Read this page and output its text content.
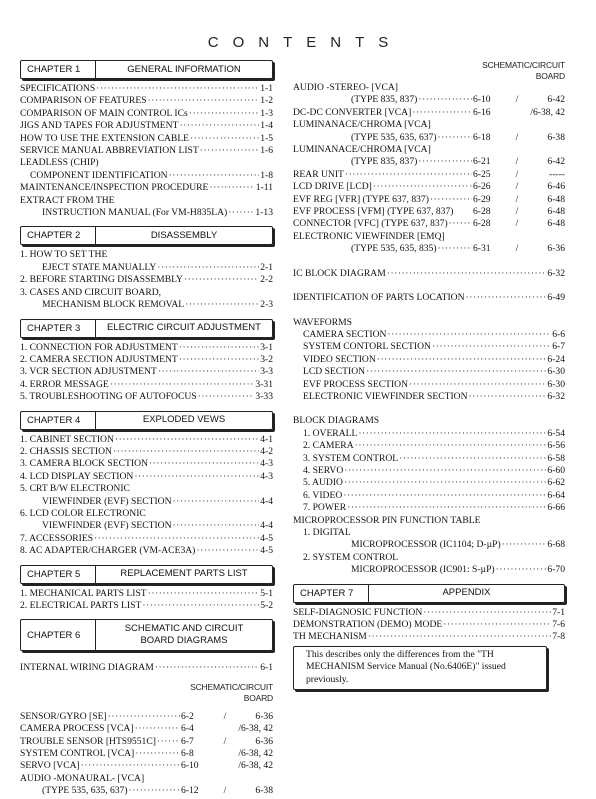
CONTENTS
CHAPTER 1	GENERAL INFORMATION
SPECIFICATIONS ·····	1-1
COMPARISON OF FEATURES ·····	1-2
COMPARISON OF MAIN CONTROL ICs ·····	1-3
JIGS AND TAPES FOR ADJUSTMENT ·····	1-4
HOW TO USE THE EXTENSION CABLE ·····	1-5
SERVICE MANUAL ABBREVIATION LIST ·····	1-6
LEADLESS (CHIP)
COMPONENT IDENTIFICATION ·····	1-8
MAINTENANCE/INSPECTION PROCEDURE ·····	1-11
EXTRACT FROM THE
INSTRUCTION MANUAL (For VM-H835LA) ·····	1-13
CHAPTER 2	DISASSEMBLY
1. HOW TO SET THE
EJECT STATE MANUALLY ·····	2-1
2. BEFORE STARTING DISASSEMBLY ·····	2-2
3. CASES AND CIRCUIT BOARD,
MECHANISM BLOCK REMOVAL ·····	2-3
CHAPTER 3	ELECTRIC CIRCUIT ADJUSTMENT
1. CONNECTION FOR ADJUSTMENT ·····	3-1
2. CAMERA SECTION ADJUSTMENT ·····	3-2
3. VCR SECTION ADJUSTMENT ·····	3-3
4. ERROR MESSAGE ·····	3-31
5. TROUBLESHOOTING OF AUTOFOCUS ·····	3-33
CHAPTER 4	EXPLODED VEWS
1. CABINET SECTION ·····	4-1
2. CHASSIS SECTION ·····	4-2
3. CAMERA BLOCK SECTION ·····	4-3
4. LCD DISPLAY SECTION ·····	4-3
5. CRT B/W ELECTRONIC
VIEWFINDER (EVF) SECTION ·····	4-4
6. LCD COLOR ELECTRONIC
VIEWFINDER (EVF) SECTION ·····	4-4
7. ACCESSORIES ·····	4-5
8. AC ADAPTER/CHARGER (VM-ACE3A) ·····	4-5
CHAPTER 5	REPLACEMENT PARTS LIST
1. MECHANICAL PARTS LIST ·····	5-1
2. ELECTRICAL PARTS LIST ·····	5-2
CHAPTER 6
SCHEMATIC AND CIRCUIT
BOARD DIAGRAMS
INTERNAL WIRING DIAGRAM ·····	6-1
SCHEMATIC/CIRCUIT
BOARD
SENSOR/GYRO [SE] ·····	6-2	/	6-36
CAMERA PROCESS [VCA] ·····	6-4	/6-38, 42
TROUBLE SENSOR [HTS9551C] ·····	6-7	/	6-36
SYSTEM CONTROL [VCA] ·····	6-8	/6-38, 42
SERVO [VCA] ·····	6-10	/6-38, 42
AUDIO -MONAURAL- [VCA]
(TYPE 535, 635, 637) ·····	6-12	/	6-38
SCHEMATIC/CIRCUIT
BOARD
AUDIO -STEREO- [VCA]
(TYPE 835, 837) ·····	6-10	/	6-42
DC-DC CONVERTER [VCA] ·····	6-16	/6-38, 42
LUMINANACE/CHROMA [VCA]
(TYPE 535, 635, 637) ·····	6-18	/	6-38
LUMINANACE/CHROMA [VCA]
(TYPE 835, 837) ·····	6-21	/	6-42
REAR UNIT ·····	6-25	/	-----
LCD DRIVE [LCD] ·····	6-26	/	6-46
EVF REG [VFR] (TYPE 637, 837) ·····	6-29	/	6-48
EVF PROCESS [VFM] (TYPE 637, 837) 6-28	/	6-48
CONNECTOR [VFC] (TYPE 637, 837) ·····	6-28	/	6-48
ELECTRONIC VIEWFINDER [EMQ]
(TYPE 535, 635, 835) ·····	6-31	/	6-36
IC BLOCK DIAGRAM ·····	6-32
IDENTIFICATION OF PARTS LOCATION ·····	6-49
WAVEFORMS
CAMERA SECTION ·····	6-6
SYSTEM CONTORL SECTION ·····	6-7
VIDEO SECTION ·····	6-24
LCD SECTION ·····	6-30
EVF PROCESS SECTION ·····	6-30
ELECTRONIC VIEWFINDER SECTION ·····	6-32
BLOCK DIAGRAMS
1. OVERALL ·····	6-54
2. CAMERA ·····	6-56
3. SYSTEM CONTROL ·····	6-58
4. SERVO ·····	6-60
5. AUDIO ·····	6-62
6. VIDEO ·····	6-64
7. POWER ·····	6-66
MICROPROCESSOR PIN FUNCTION TABLE
1. DIGITAL
MICROPROCESSOR (IC1104; D-µP) ·····	6-68
2. SYSTEM CONTROL
MICROPROCESSOR (IC901: S-µP) ·····	6-70
CHAPTER 7	APPENDIX
SELF-DIAGNOSIC FUNCTION ·····	7-1
DEMONSTRATION (DEMO) MODE ·····	7-6
TH MECHANISM ·····	7-8
This describes only the differences from the "TH MECHANISM Service Manual (No.6406E)" issued previously.
